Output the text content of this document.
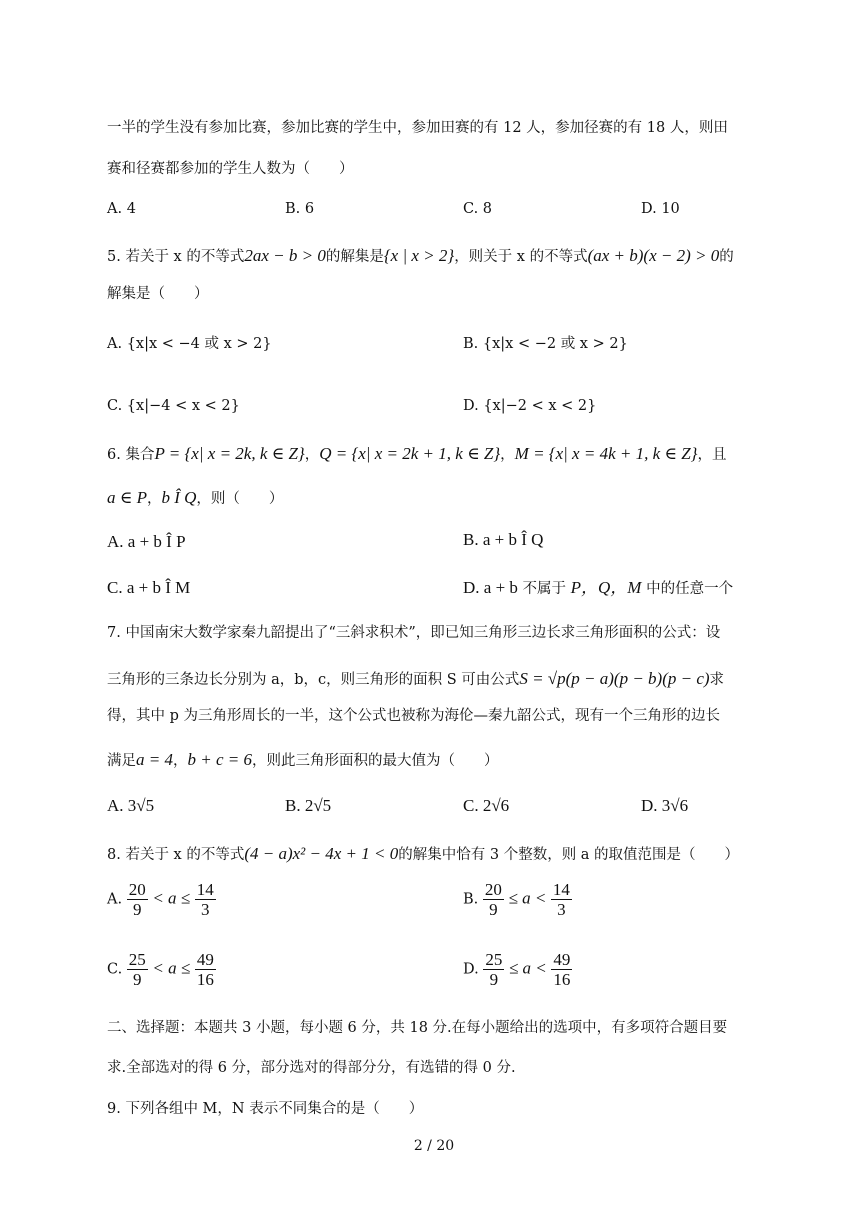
一半的学生没有参加比赛，参加比赛的学生中，参加田赛的有 12 人，参加径赛的有 18 人，则田
赛和径赛都参加的学生人数为（　　）
A. 4	B. 6	C. 8	D. 10
5. 若关于 x 的不等式2ax − b > 0的解集是{x | x > 2}，则关于 x 的不等式(ax + b)(x − 2) > 0的
解集是（　　）
A. {x|x < −4 或 x > 2}	B. {x|x < −2 或 x > 2}
C. {x|−4 < x < 2}	D. {x|−2 < x < 2}
6. 集合P = {x| x = 2k, k ∈ Z}，Q = {x| x = 2k + 1, k ∈ Z}，M = {x| x = 4k + 1, k ∈ Z}，且
a ∈ P，b Î Q，则（　　）
A. a + b Î P	B. a + b Î Q
C. a + b Î M	D. a + b 不属于 P，Q，M 中的任意一个
7. 中国南宋大数学家秦九韶提出了“三斜求积术”，即已知三角形三边长求三角形面积的公式：设
三角形的三条边长分别为 a，b，c，则三角形的面积 S 可由公式S = √p(p − a)(p − b)(p − c)求
得，其中 p 为三角形周长的一半，这个公式也被称为海伦—秦九韶公式，现有一个三角形的边长
满足a = 4，b + c = 6，则此三角形面积的最大值为（　　）
A. 3√5	B. 2√5	C. 2√6	D. 3√6
8. 若关于 x 的不等式(4 − a)x² − 4x + 1 < 0的解集中恰有 3 个整数，则 a 的取值范围是（　　）
A. $\frac{20}{9} < a \le \frac{14}{3}$	B. $\frac{20}{9} \le a < \frac{14}{3}$
C. $\frac{25}{9} < a \le \frac{49}{16}$	D. $\frac{25}{9} \le a < \frac{49}{16}$
二、选择题：本题共 3 小题，每小题 6 分，共 18 分.在每小题给出的选项中，有多项符合题目要
求.全部选对的得 6 分，部分选对的得部分分，有选错的得 0 分.
9. 下列各组中 M，N 表示不同集合的是（　　）
2 / 20
